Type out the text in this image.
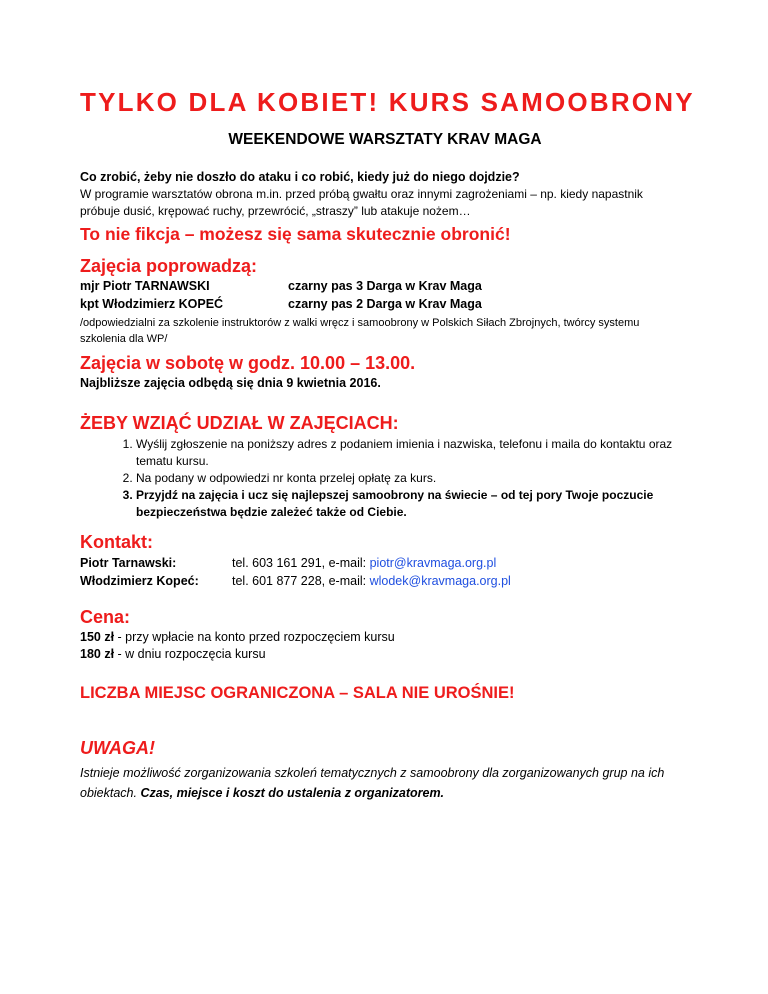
TYLKO DLA KOBIET! KURS SAMOOBRONY
WEEKENDOWE WARSZTATY KRAV MAGA
Co zrobić, żeby nie doszło do ataku i co robić, kiedy już do niego dojdzie?
W programie warsztatów obrona m.in. przed próbą gwałtu oraz innymi zagrożeniami – np. kiedy napastnik próbuje dusić, krępować ruchy, przewrócić, „straszy” lub atakuje nożem…
To nie fikcja – możesz się sama skutecznie obronić!
Zajęcia poprowadzą:
mjr Piotr TARNAWSKI	czarny pas 3 Darga w Krav Maga
kpt Włodzimierz KOPEĆ	czarny pas 2 Darga w Krav Maga
/odpowiedzialni za szkolenie instruktorów z walki wręcz i samoobrony w Polskich Siłach Zbrojnych, twórcy systemu szkolenia dla WP/
Zajęcia w sobotę w godz. 10.00 – 13.00.
Najbliższe zajęcia odbędą się dnia 9 kwietnia 2016.
ŻEBY WZIĄĆ UDZIAŁ W ZAJĘCIACH:
1. Wyślij zgłoszenie na poniższy adres z podaniem imienia i nazwiska, telefonu i maila do kontaktu oraz tematu kursu.
2. Na podany w odpowiedzi nr konta przelej opłatę za kurs.
3. Przyjdź na zajęcia i ucz się najlepszej samoobrony na świecie – od tej pory Twoje poczucie bezpieczeństwa będzie zależeć także od Ciebie.
Kontakt:
Piotr Tarnawski:	tel. 603 161 291, e-mail: piotr@kravmaga.org.pl
Włodzimierz Kopeć:	tel. 601 877 228, e-mail: wlodek@kravmaga.org.pl
Cena:
150 zł - przy wpłacie na konto przed rozpoczęciem kursu
180 zł - w dniu rozpoczęcia kursu
LICZBA MIEJSC OGRANICZONA – SALA NIE UROŚNIE!
UWAGA!
Istnieje możliwość zorganizowania szkoleń tematycznych z samoobrony dla zorganizowanych grup na ich obiektach. Czas, miejsce i koszt do ustalenia z organizatorem.
